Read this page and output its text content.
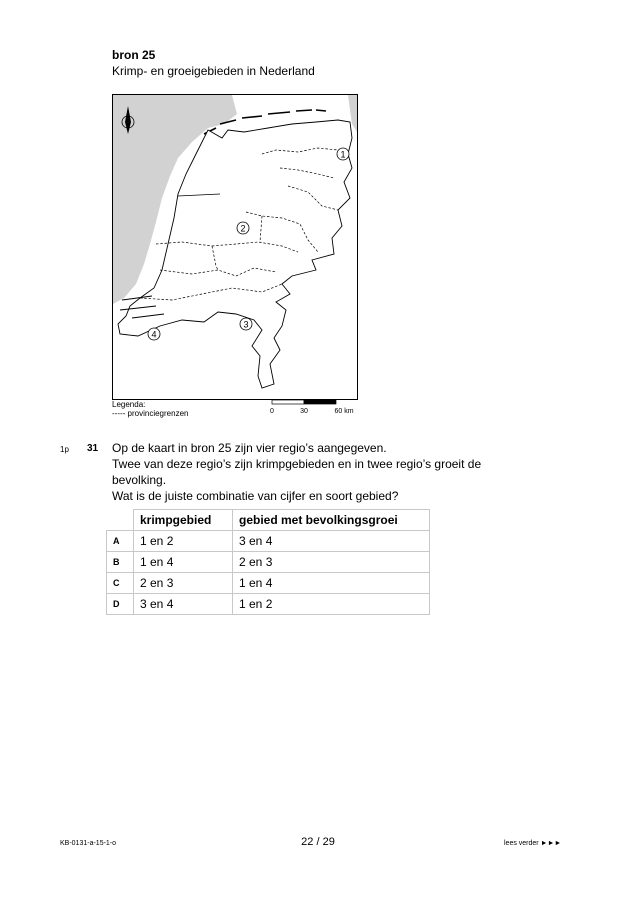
bron 25
Krimp- en groeigebieden in Nederland
1
2
3
4
Legenda:
----- provinciegrenzen	0	30	60 km
1p 31 Op de kaart in bron 25 zijn vier regio’s aangegeven.

Twee van deze regio’s zijn krimpgebieden en in twee regio’s groeit de

bevolking.

Wat is de juiste combinatie van cijfer en soort gebied?

	krimpgebied	gebied met bevolkingsgroei
A	1 en 2	3 en 4
B	1 en 4	2 en 3
C	2 en 3	1 en 4
D	3 en 4	1 en 2
KB-0131-a-15-1-o	22 / 29	lees verder ►►►
